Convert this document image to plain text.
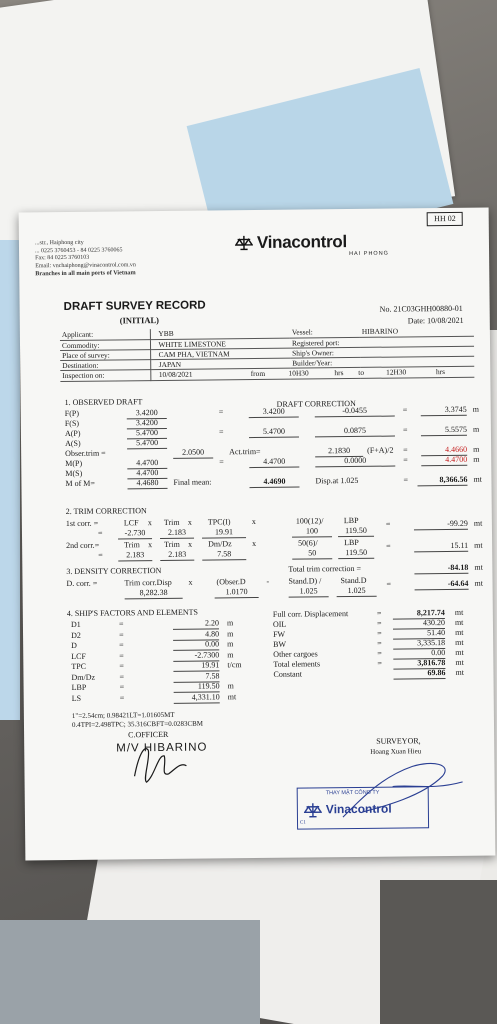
HH 02
...str., Haiphong city
... 0225 3760453 - 84 0225 3760065
Fax: 84 0225 3760103
Email: vnchaiphong@vinacontrol.com.vn
Branches in all main ports of Vietnam
Vinacontrol
HAI PHONG
DRAFT SURVEY RECORD
(INITIAL)
No. 21C03GHH00880-01
Date: 10/08/2021
Applicant:	YBB	Vessel:	HIBARINO
Commodity:	WHITE LIMESTONE	Registered port:	
Place of survey:	CAM PHA, VIETNAM	Ship's Owner:	
Destination:	JAPAN	Builder/Year:	
Inspection on:	10/08/2021 from 10H30 hrs to 12H30 hrs		
1. OBSERVED DRAFT	DRAFT CORRECTION
F(P)	3.4200	=	3.4200	-0.0455	=	3.3745 m
F(S)	3.4200
A(P)	5.4700	=	5.4700	0.0875	=	5.5575 m
A(S)	5.4700
Obser.trim =	2.0500	Act.trim=	2.1830	(F+A)/2 =	4.4660 m
M(P)	4.4700	=	4.4700	0.0000	=	4.4700 m
M(S)	4.4700
M of M=	4.4680	Final mean:	4.4690	Disp.at 1.025	=	8,366.56 mt
2. TRIM CORRECTION
1st corr. =	LCF x Trim x TPC(I)	x	100(12)/	LBP	=	-99.29 mt
=	-2.730	2.183	19.91	100	119.50
2nd corr.=	Trim x Trim x Dm/Dz	x	50(6)/	LBP	=	15.11 mt
=	2.183	2.183	7.58	50	119.50
3. DENSITY CORRECTION	Total trim correction =	-84.18 mt
D. corr. =	Trim corr.Disp x	(Obser.D	- Stand.D) / Stand.D =	-64.64 mt
8,282.38	1.0170	1.025	1.025
4. SHIP'S FACTORS AND ELEMENTS
D1	=	2.20 m
D2	=	4.80 m
D	=	0.00 m
LCF	=	-2.7300 m
TPC	=	19.91 t/cm
Dm/Dz	=	7.58
LBP	=	119.50 m
LS	=	4,331.10 mt
Full corr. Displacement	=	8,217.74 mt
OIL	=	430.20 mt
FW	=	51.40 mt
BW	=	3,335.18 mt
Other cargoes	=	0.00 mt
Total elements	=	3,816.78 mt
Constant	69.86 mt
1"=2.54cm; 0.98421LT=1.01605MT
0.4TPI=2.498TPC; 35.316CBFT=0.0283CBM
C.OFFICER
SURVEYOR,
Hoang Xuan Hieu
M/V HIBARINO
THAY MẶT CÔNG TY
Vinacontrol
C1
